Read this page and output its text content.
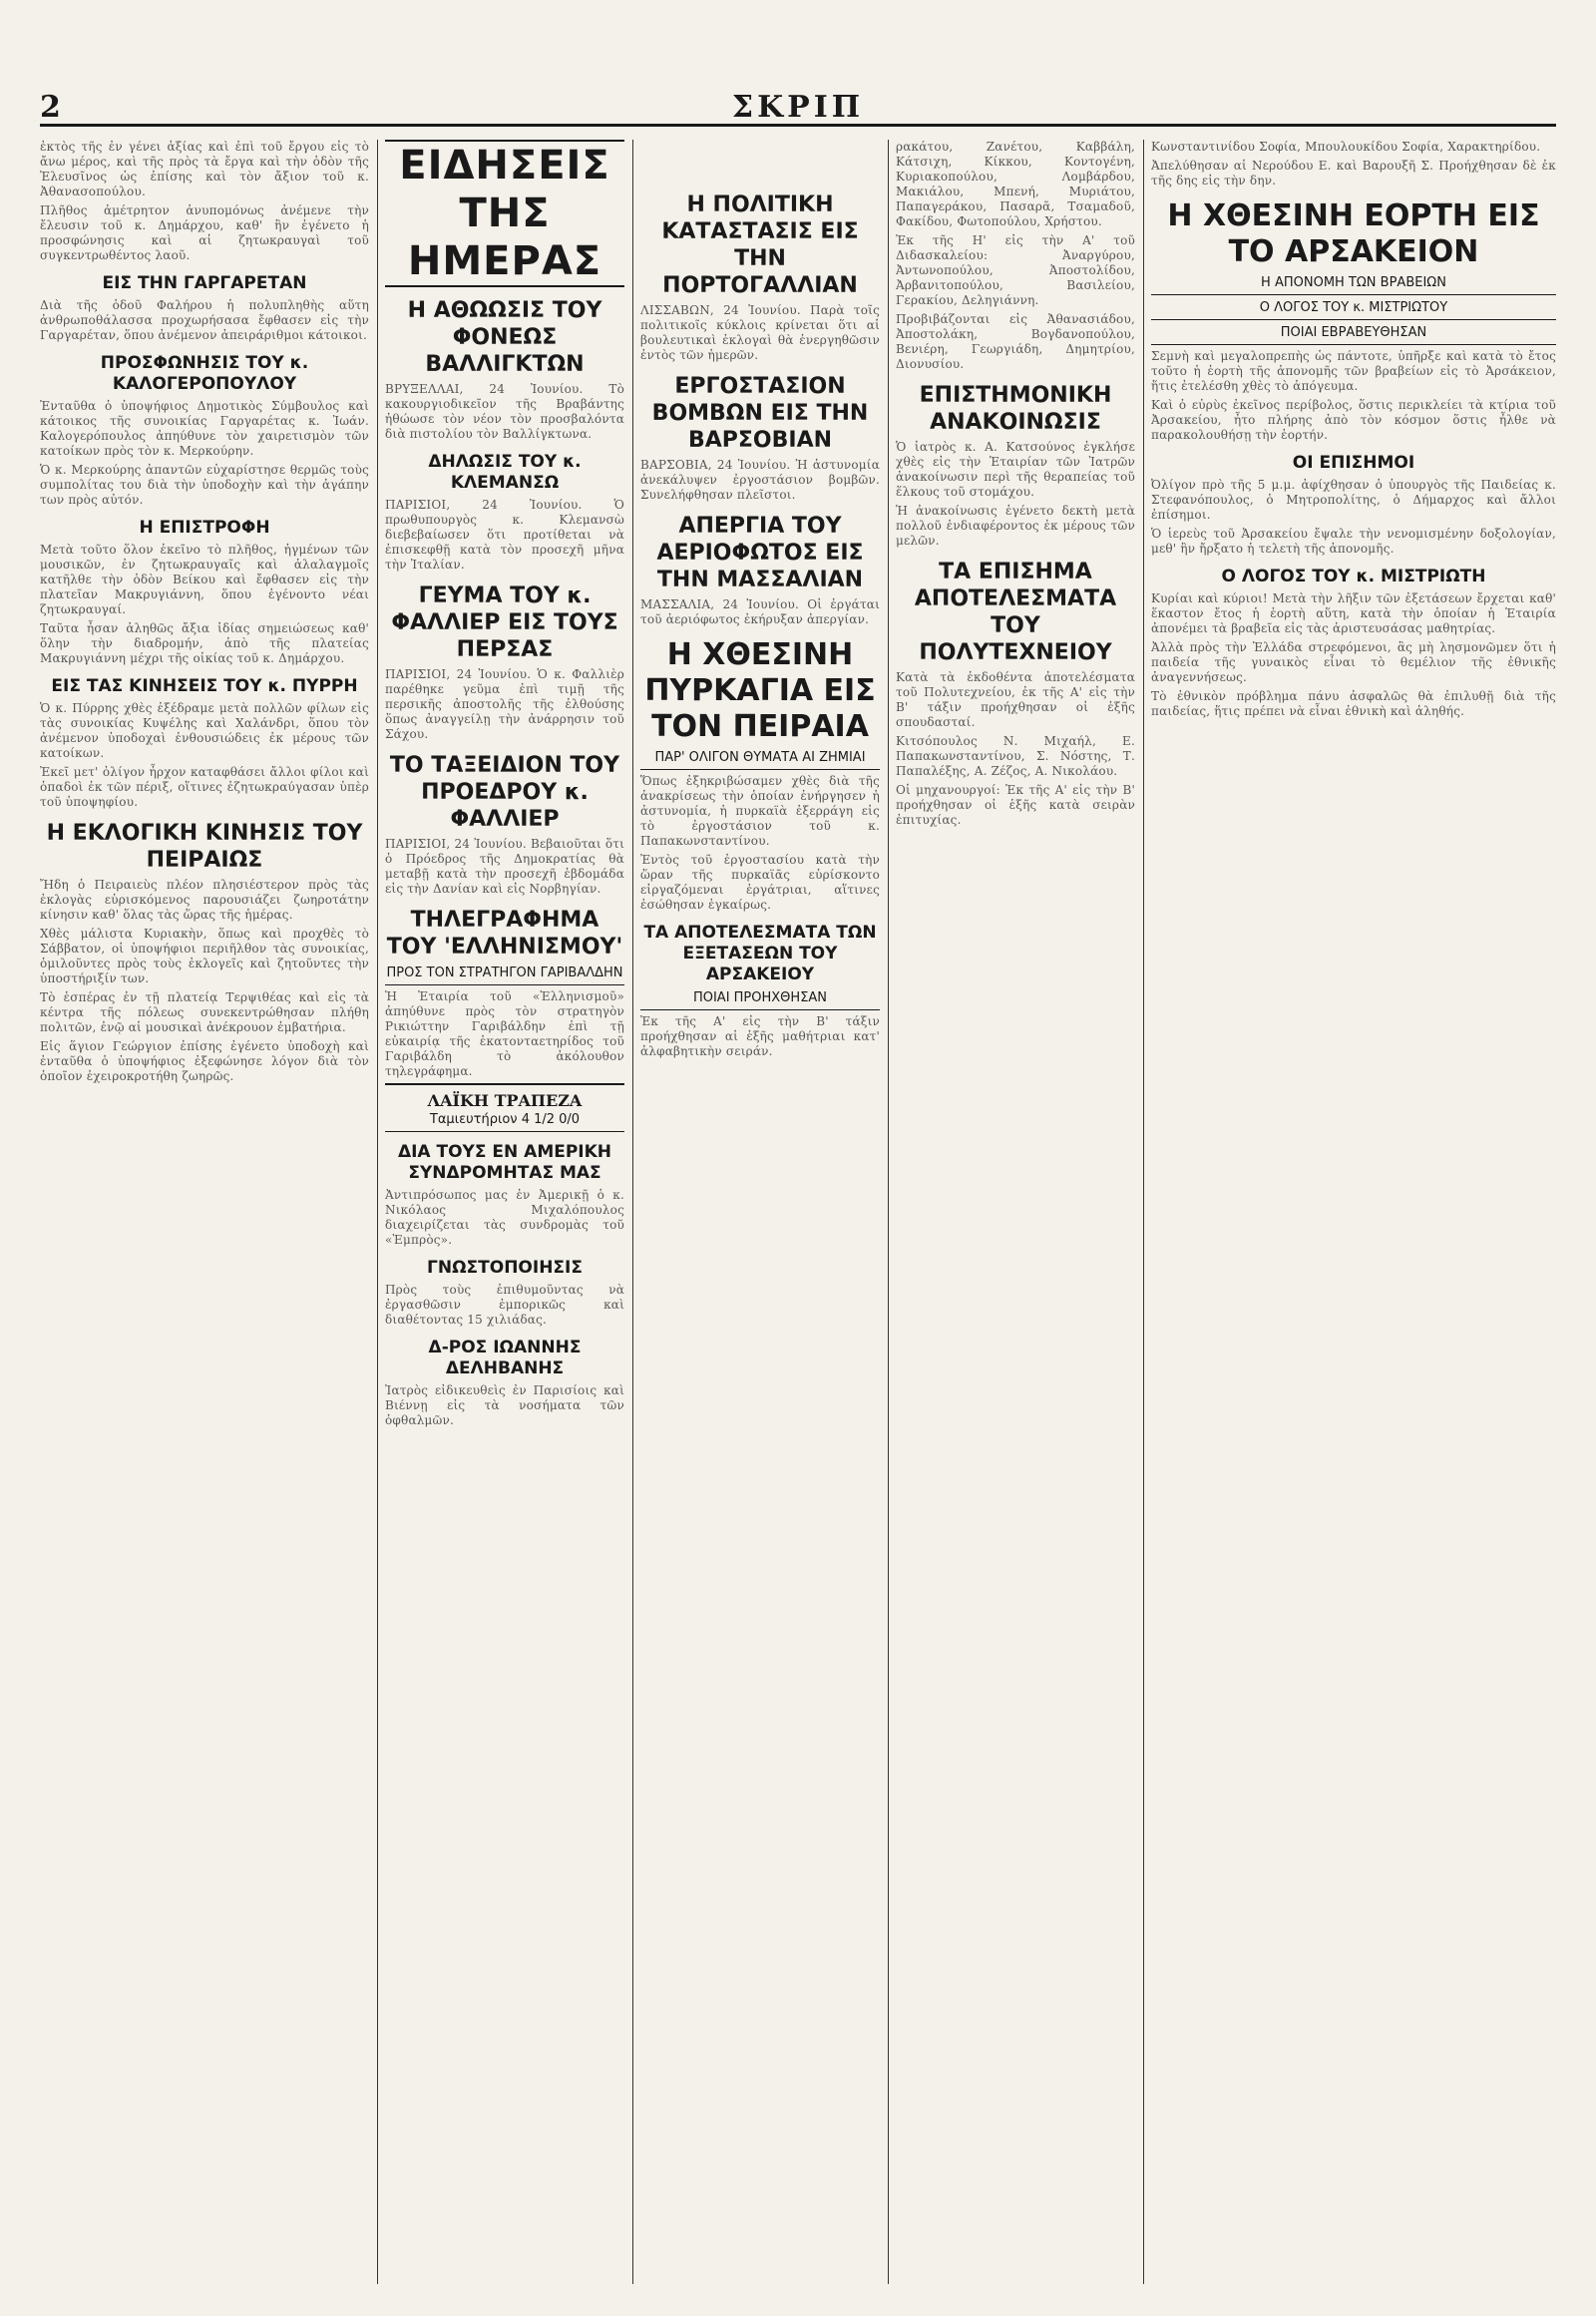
2	ΣΚΡΙΠ

ἐκτὸς τῆς ἐν γένει ἀξίας καὶ ἐπὶ τοῦ ἔργου εἰς τὸ ἄνω μέρος, καὶ τῆς πρὸς τὰ ἔργα καὶ τὴν ὁδὸν τῆς Ἐλευσῖνος ὡς ἐπίσης καὶ τὸν ἄξιον τοῦ κ. Ἀθανασοπούλου.

Πλῆθος ἀμέτρητον ἀνυπομόνως ἀνέμενε τὴν ἔλευσιν τοῦ κ. Δημάρχου, καθ' ἣν ἐγένετο ἡ προσφώνησις καὶ αἱ ζητωκραυγαὶ τοῦ συγκεντρωθέντος λαοῦ.

ΕΙΣ ΤΗΝ ΓΑΡΓΑΡΕΤΑΝ

Διὰ τῆς ὁδοῦ Φαλήρου ἡ πολυπληθὴς αὕτη ἀνθρωποθάλασσα προχωρήσασα ἔφθασεν εἰς τὴν Γαργαρέταν, ὅπου ἀνέμενον ἀπειράριθμοι κάτοικοι.

ΠΡΟΣΦΩΝΗΣΙΣ ΤΟΥ κ. ΚΑΛΟΓΕΡΟΠΟΥΛΟΥ

Ἐνταῦθα ὁ ὑποψήφιος Δημοτικὸς Σύμβουλος καὶ κάτοικος τῆς συνοικίας Γαργαρέτας κ. Ἰωάν. Καλογερόπουλος ἀπηύθυνε τὸν χαιρετισμὸν τῶν κατοίκων πρὸς τὸν κ. Μερκούρην.

Ὁ κ. Μερκούρης ἀπαντῶν εὐχαρίστησε θερμῶς τοὺς συμπολίτας του διὰ τὴν ὑποδοχὴν καὶ τὴν ἀγάπην των πρὸς αὐτόν.

Η ΕΠΙΣΤΡΟΦΗ

Μετὰ τοῦτο ὅλον ἐκεῖνο τὸ πλῆθος, ἠγμένων τῶν μουσικῶν, ἐν ζητωκραυγαῖς καὶ ἀλαλαγμοῖς κατῆλθε τὴν ὁδὸν Βείκου καὶ ἔφθασεν εἰς τὴν πλατεῖαν Μακρυγιάννη, ὅπου ἐγένοντο νέαι ζητωκραυγαί.

Ταῦτα ἦσαν ἀληθῶς ἄξια ἰδίας σημειώσεως καθ' ὅλην τὴν διαδρομήν, ἀπὸ τῆς πλατείας Μακρυγιάννη μέχρι τῆς οἰκίας τοῦ κ. Δημάρχου.

ΕΙΣ ΤΑΣ ΚΙΝΗΣΕΙΣ ΤΟΥ κ. ΠΥΡΡΗ

Ὁ κ. Πύρρης χθὲς ἐξέδραμε μετὰ πολλῶν φίλων εἰς τὰς συνοικίας Κυψέλης καὶ Χαλάνδρι, ὅπου τὸν ἀνέμενον ὑποδοχαὶ ἐνθουσιώδεις ἐκ μέρους τῶν κατοίκων.

Ἐκεῖ μετ' ὀλίγον ἦρχον καταφθάσει ἄλλοι φίλοι καὶ ὁπαδοὶ ἐκ τῶν πέριξ, οἵτινες ἐζητωκραύγασαν ὑπὲρ τοῦ ὑποψηφίου.

Η ΕΚΛΟΓΙΚΗ ΚΙΝΗΣΙΣ ΤΟΥ ΠΕΙΡΑΙΩΣ

Ἤδη ὁ Πειραιεὺς πλέον πλησιέστερον πρὸς τὰς ἐκλογὰς εὑρισκόμενος παρουσιάζει ζωηροτάτην κίνησιν καθ' ὅλας τὰς ὥρας τῆς ἡμέρας.

Χθὲς μάλιστα Κυριακὴν, ὅπως καὶ προχθὲς τὸ Σάββατον, οἱ ὑποψήφιοι περιῆλθον τὰς συνοικίας, ὁμιλοῦντες πρὸς τοὺς ἐκλογεῖς καὶ ζητοῦντες τὴν ὑποστήριξίν των.

Τὸ ἑσπέρας ἐν τῇ πλατείᾳ Τερψιθέας καὶ εἰς τὰ κέντρα τῆς πόλεως συνεκεντρώθησαν πλήθη πολιτῶν, ἐνῷ αἱ μουσικαὶ ἀνέκρουον ἐμβατήρια.

Εἰς ἅγιον Γεώργιον ἐπίσης ἐγένετο ὑποδοχὴ καὶ ἐνταῦθα ὁ ὑποψήφιος ἐξεφώνησε λόγον διὰ τὸν ὁποῖον ἐχειροκροτήθη ζωηρῶς.

ΕΙΔΗΣΕΙΣ ΤΗΣ ΗΜΕΡΑΣ
Η ΑΘΩΩΣΙΣ ΤΟΥ ΦΟΝΕΩΣ ΒΑΛΛΙΓΚΤΩΝ

ΒΡΥΞΕΛΛΑΙ, 24 Ἰουνίου. Τὸ κακουργιοδικεῖον τῆς Βραβάντης ἠθώωσε τὸν νέον τὸν προσβαλόντα διὰ πιστολίου τὸν Βαλλίγκτωνα.

ΔΗΛΩΣΙΣ ΤΟΥ κ. ΚΛΕΜΑΝΣΩ

ΠΑΡΙΣΙΟΙ, 24 Ἰουνίου. Ὁ πρωθυπουργὸς κ. Κλεμανσὼ διεβεβαίωσεν ὅτι προτίθεται νὰ ἐπισκεφθῇ κατὰ τὸν προσεχῆ μῆνα τὴν Ἰταλίαν.

ΓΕΥΜΑ ΤΟΥ κ. ΦΑΛΛΙΕΡ ΕΙΣ ΤΟΥΣ ΠΕΡΣΑΣ

ΠΑΡΙΣΙΟΙ, 24 Ἰουνίου. Ὁ κ. Φαλλιὲρ παρέθηκε γεῦμα ἐπὶ τιμῇ τῆς περσικῆς ἀποστολῆς τῆς ἐλθούσης ὅπως ἀναγγείλῃ τὴν ἀνάρρησιν τοῦ Σάχου.

ΤΟ ΤΑΞΕΙΔΙΟΝ ΤΟΥ ΠΡΟΕΔΡΟΥ κ. ΦΑΛΛΙΕΡ

ΠΑΡΙΣΙΟΙ, 24 Ἰουνίου. Βεβαιοῦται ὅτι ὁ Πρόεδρος τῆς Δημοκρατίας θὰ μεταβῇ κατὰ τὴν προσεχῆ ἑβδομάδα εἰς τὴν Δανίαν καὶ εἰς Νορβηγίαν.

ΤΗΛΕΓΡΑΦΗΜΑ ΤΟΥ 'ΕΛΛΗΝΙΣΜΟΥ'
ΠΡΟΣ ΤΟΝ ΣΤΡΑΤΗΓΟΝ ΓΑΡΙΒΑΛΔΗΝ

Ἡ Ἑταιρία τοῦ «Ἑλληνισμοῦ» ἀπηύθυνε πρὸς τὸν στρατηγὸν Ρικιώττην Γαριβάλδην ἐπὶ τῇ εὐκαιρίᾳ τῆς ἑκατονταετηρίδος τοῦ Γαριβάλδη τὸ ἀκόλουθον τηλεγράφημα.

ΛΑΪΚΗ ΤΡΑΠΕΖΑ
Ταμιευτήριον 4 1/2 0/0
ΔΙΑ ΤΟΥΣ ΕΝ ΑΜΕΡΙΚΗ ΣΥΝΔΡΟΜΗΤΑΣ ΜΑΣ

Ἀντιπρόσωπος μας ἐν Ἀμερικῇ ὁ κ. Νικόλαος Μιχαλόπουλος διαχειρίζεται τὰς συνδρομὰς τοῦ «Ἐμπρὸς».

ΓΝΩΣΤΟΠΟΙΗΣΙΣ

Πρὸς τοὺς ἐπιθυμοῦντας νὰ ἐργασθῶσιν ἐμπορικῶς καὶ διαθέτοντας 15 χιλιάδας.

Δ-ΡΟΣ ΙΩΑΝΝΗΣ ΔΕΛΗΒΑΝΗΣ

Ἰατρὸς εἰδικευθεὶς ἐν Παρισίοις καὶ Βιέννῃ εἰς τὰ νοσήματα τῶν ὀφθαλμῶν.

Η ΠΟΛΙΤΙΚΗ ΚΑΤΑΣΤΑΣΙΣ ΕΙΣ ΤΗΝ ΠΟΡΤΟΓΑΛΛΙΑΝ

ΛΙΣΣΑΒΩΝ, 24 Ἰουνίου. Παρὰ τοῖς πολιτικοῖς κύκλοις κρίνεται ὅτι αἱ βουλευτικαὶ ἐκλογαὶ θὰ ἐνεργηθῶσιν ἐντὸς τῶν ἡμερῶν.

ΕΡΓΟΣΤΑΣΙΟΝ ΒΟΜΒΩΝ ΕΙΣ ΤΗΝ ΒΑΡΣΟΒΙΑΝ

ΒΑΡΣΟΒΙΑ, 24 Ἰουνίου. Ἡ ἀστυνομία ἀνεκάλυψεν ἐργοστάσιον βομβῶν. Συνελήφθησαν πλεῖστοι.

ΑΠΕΡΓΙΑ ΤΟΥ ΑΕΡΙΟΦΩΤΟΣ ΕΙΣ ΤΗΝ ΜΑΣΣΑΛΙΑΝ

ΜΑΣΣΑΛΙΑ, 24 Ἰουνίου. Οἱ ἐργάται τοῦ ἀεριόφωτος ἐκήρυξαν ἀπεργίαν.

Η ΧΘΕΣΙΝΗ ΠΥΡΚΑΓΙΑ ΕΙΣ ΤΟΝ ΠΕΙΡΑΙΑ
ΠΑΡ' ΟΛΙΓΟΝ ΘΥΜΑΤΑ ΑΙ ΖΗΜΙΑΙ

Ὅπως ἐξηκριβώσαμεν χθὲς διὰ τῆς ἀνακρίσεως τὴν ὁποίαν ἐνήργησεν ἡ ἀστυνομία, ἡ πυρκαϊὰ ἐξερράγη εἰς τὸ ἐργοστάσιον τοῦ κ. Παπακωνσταντίνου.

Ἐντὸς τοῦ ἐργοστασίου κατὰ τὴν ὥραν τῆς πυρκαϊᾶς εὑρίσκοντο εἰργαζόμεναι ἐργάτριαι, αἵτινες ἐσώθησαν ἐγκαίρως.

ΤΑ ΑΠΟΤΕΛΕΣΜΑΤΑ ΤΩΝ ΕΞΕΤΑΣΕΩΝ ΤΟΥ ΑΡΣΑΚΕΙΟΥ
ΠΟΙΑΙ ΠΡΟΗΧΘΗΣΑΝ

Ἐκ τῆς Α' εἰς τὴν Β' τάξιν προήχθησαν αἱ ἑξῆς μαθήτριαι κατ' ἀλφαβητικὴν σειράν.

ρακάτου, Ζανέτου, Καββάλη, Κάτσιχη, Κίκκου, Κοντογένη, Κυριακοπούλου, Λομβάρδου, Μακιάλου, Μπενή, Μυριάτου, Παπαγεράκου, Πασαρᾶ, Τσαμαδοῦ, Φακίδου, Φωτοπούλου, Χρήστου.

Ἐκ τῆς Η' εἰς τὴν Α' τοῦ Διδασκαλείου: Ἀναργύρου, Ἀντωνοπούλου, Ἀποστολίδου, Ἀρβανιτοπούλου, Βασιλείου, Γερακίου, Δεληγιάννη.

Προβιβάζονται εἰς Ἀθανασιάδου, Ἀποστολάκη, Βογδανοπούλου, Βενιέρη, Γεωργιάδη, Δημητρίου, Διονυσίου.

ΕΠΙΣΤΗΜΟΝΙΚΗ ΑΝΑΚΟΙΝΩΣΙΣ

Ὁ ἰατρὸς κ. Α. Κατσούνος ἐγκλήσε χθὲς εἰς τὴν Ἑταιρίαν τῶν Ἰατρῶν ἀνακοίνωσιν περὶ τῆς θεραπείας τοῦ ἕλκους τοῦ στομάχου.

Ἡ ἀνακοίνωσις ἐγένετο δεκτὴ μετὰ πολλοῦ ἐνδιαφέροντος ἐκ μέρους τῶν μελῶν.

ΤΑ ΕΠΙΣΗΜΑ ΑΠΟΤΕΛΕΣΜΑΤΑ ΤΟΥ ΠΟΛΥΤΕΧΝΕΙΟΥ

Κατὰ τὰ ἐκδοθέντα ἀποτελέσματα τοῦ Πολυτεχνείου, ἐκ τῆς Α' εἰς τὴν Β' τάξιν προήχθησαν οἱ ἑξῆς σπουδασταί.

Κιτσόπουλος Ν. Μιχαήλ, Ε. Παπακωνσταντίνου, Σ. Νόστης, Τ. Παπαλέξης, Α. Ζέζος, Α. Νικολάου.

Οἱ μηχανουργοί: Ἐκ τῆς Α' εἰς τὴν Β' προήχθησαν οἱ ἑξῆς κατὰ σειρὰν ἐπιτυχίας.

Κωνσταντινίδου Σοφία, Μπουλουκίδου Σοφία, Χαρακτηρίδου.

Ἀπελύθησαν αἱ Νερούδου Ε. καὶ Βαρουξῆ Σ. Προήχθησαν δὲ ἐκ τῆς δης εἰς τὴν δην.

Η ΧΘΕΣΙΝΗ ΕΟΡΤΗ ΕΙΣ ΤΟ ΑΡΣΑΚΕΙΟΝ
Η ΑΠΟΝΟΜΗ ΤΩΝ ΒΡΑΒΕΙΩΝ
Ο ΛΟΓΟΣ ΤΟΥ κ. ΜΙΣΤΡΙΩΤΟΥ
ΠΟΙΑΙ ΕΒΡΑΒΕΥΘΗΣΑΝ

Σεμνὴ καὶ μεγαλοπρεπὴς ὡς πάντοτε, ὑπῆρξε καὶ κατὰ τὸ ἔτος τοῦτο ἡ ἑορτὴ τῆς ἀπονομῆς τῶν βραβείων εἰς τὸ Ἀρσάκειον, ἥτις ἐτελέσθη χθὲς τὸ ἀπόγευμα.

Καὶ ὁ εὐρὺς ἐκεῖνος περίβολος, ὅστις περικλείει τὰ κτίρια τοῦ Ἀρσακείου, ἦτο πλήρης ἀπὸ τὸν κόσμον ὅστις ἦλθε νὰ παρακολουθήσῃ τὴν ἑορτήν.

ΟΙ ΕΠΙΣΗΜΟΙ

Ὀλίγον πρὸ τῆς 5 μ.μ. ἀφίχθησαν ὁ ὑπουργὸς τῆς Παιδείας κ. Στεφανόπουλος, ὁ Μητροπολίτης, ὁ Δήμαρχος καὶ ἄλλοι ἐπίσημοι.

Ὁ ἱερεὺς τοῦ Ἀρσακείου ἔψαλε τὴν νενομισμένην δοξολογίαν, μεθ' ἣν ἤρξατο ἡ τελετὴ τῆς ἀπονομῆς.

Ο ΛΟΓΟΣ ΤΟΥ κ. ΜΙΣΤΡΙΩΤΗ

Κυρίαι καὶ κύριοι! Μετὰ τὴν λῆξιν τῶν ἐξετάσεων ἔρχεται καθ' ἕκαστον ἔτος ἡ ἑορτὴ αὕτη, κατὰ τὴν ὁποίαν ἡ Ἑταιρία ἀπονέμει τὰ βραβεῖα εἰς τὰς ἀριστευσάσας μαθητρίας.

Ἀλλὰ πρὸς τὴν Ἑλλάδα στρεφόμενοι, ἂς μὴ λησμονῶμεν ὅτι ἡ παιδεία τῆς γυναικὸς εἶναι τὸ θεμέλιον τῆς ἐθνικῆς ἀναγεννήσεως.

Τὸ ἐθνικὸν πρόβλημα πάνυ ἀσφαλῶς θὰ ἐπιλυθῇ διὰ τῆς παιδείας, ἥτις πρέπει νὰ εἶναι ἐθνικὴ καὶ ἀληθής.
